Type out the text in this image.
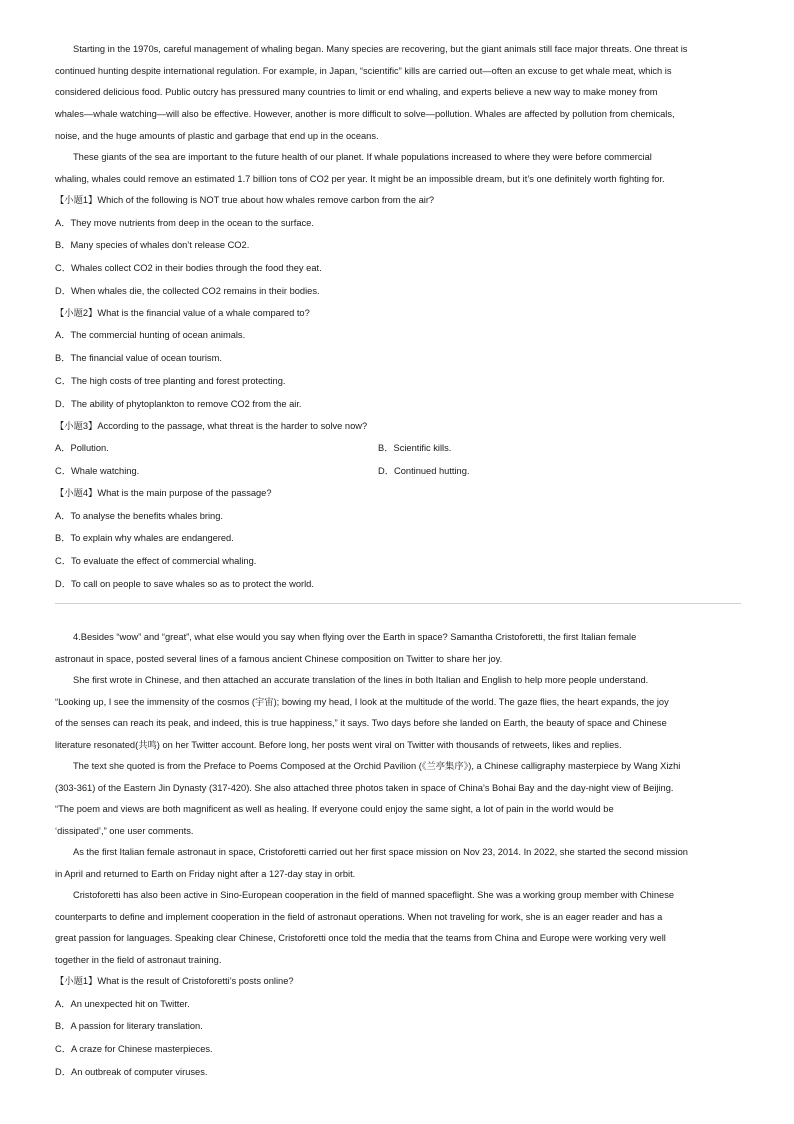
Starting in the 1970s, careful management of whaling began. Many species are recovering, but the giant animals still face major threats. One threat is
continued hunting despite international regulation. For example, in Japan, “scientific” kills are carried out—often an excuse to get whale meat, which is
considered delicious food. Public outcry has pressured many countries to limit or end whaling, and experts believe a new way to make money from
whales—whale watching—will also be effective. However, another is more difficult to solve—pollution. Whales are affected by pollution from chemicals,
noise, and the huge amounts of plastic and garbage that end up in the oceans.
These giants of the sea are important to the future health of our planet. If whale populations increased to where they were before commercial
whaling, whales could remove an estimated 1.7 billion tons of CO2 per year. It might be an impossible dream, but it’s one definitely worth fighting for.
【小题1】Which of the following is NOT true about how whales remove carbon from the air?
A．They move nutrients from deep in the ocean to the surface.
B．Many species of whales don’t release CO2.
C．Whales collect CO2 in their bodies through the food they eat.
D．When whales die, the collected CO2 remains in their bodies.
【小题2】What is the financial value of a whale compared to?
A．The commercial hunting of ocean animals.
B．The financial value of ocean tourism.
C．The high costs of tree planting and forest protecting.
D．The ability of phytoplankton to remove CO2 from the air.
【小题3】According to the passage, what threat is the harder to solve now?
A．Pollution.	B．Scientific kills.
C．Whale watching.	D．Continued hutting.
【小题4】What is the main purpose of the passage?
A．To analyse the benefits whales bring.
B．To explain why whales are endangered.
C．To evaluate the effect of commercial whaling.
D．To call on people to save whales so as to protect the world.
4.Besides “wow” and “great”, what else would you say when flying over the Earth in space? Samantha Cristoforetti, the first Italian female
astronaut in space, posted several lines of a famous ancient Chinese composition on Twitter to share her joy.
She first wrote in Chinese, and then attached an accurate translation of the lines in both Italian and English to help more people understand.
“Looking up, I see the immensity of the cosmos (宇宙); bowing my head, I look at the multitude of the world. The gaze flies, the heart expands, the joy
of the senses can reach its peak, and indeed, this is true happiness,” it says. Two days before she landed on Earth, the beauty of space and Chinese
literature resonated(共鸣) on her Twitter account. Before long, her posts went viral on Twitter with thousands of retweets, likes and replies.
The text she quoted is from the Preface to Poems Composed at the Orchid Pavilion (《兰亭集序》), a Chinese calligraphy masterpiece by Wang Xizhi
(303-361) of the Eastern Jin Dynasty (317-420). She also attached three photos taken in space of China’s Bohai Bay and the day-night view of Beijing.
“The poem and views are both magnificent as well as healing. If everyone could enjoy the same sight, a lot of pain in the world would be
‘dissipated’,” one user comments.
As the first Italian female astronaut in space, Cristoforetti carried out her first space mission on Nov 23, 2014. In 2022, she started the second mission
in April and returned to Earth on Friday night after a 127-day stay in orbit.
Cristoforetti has also been active in Sino-European cooperation in the field of manned spaceflight. She was a working group member with Chinese
counterparts to define and implement cooperation in the field of astronaut operations. When not traveling for work, she is an eager reader and has a
great passion for languages. Speaking clear Chinese, Cristoforetti once told the media that the teams from China and Europe were working very well
together in the field of astronaut training.
【小题1】What is the result of Cristoforetti’s posts online?
A．An unexpected hit on Twitter.
B．A passion for literary translation.
C．A craze for Chinese masterpieces.
D．An outbreak of computer viruses.
